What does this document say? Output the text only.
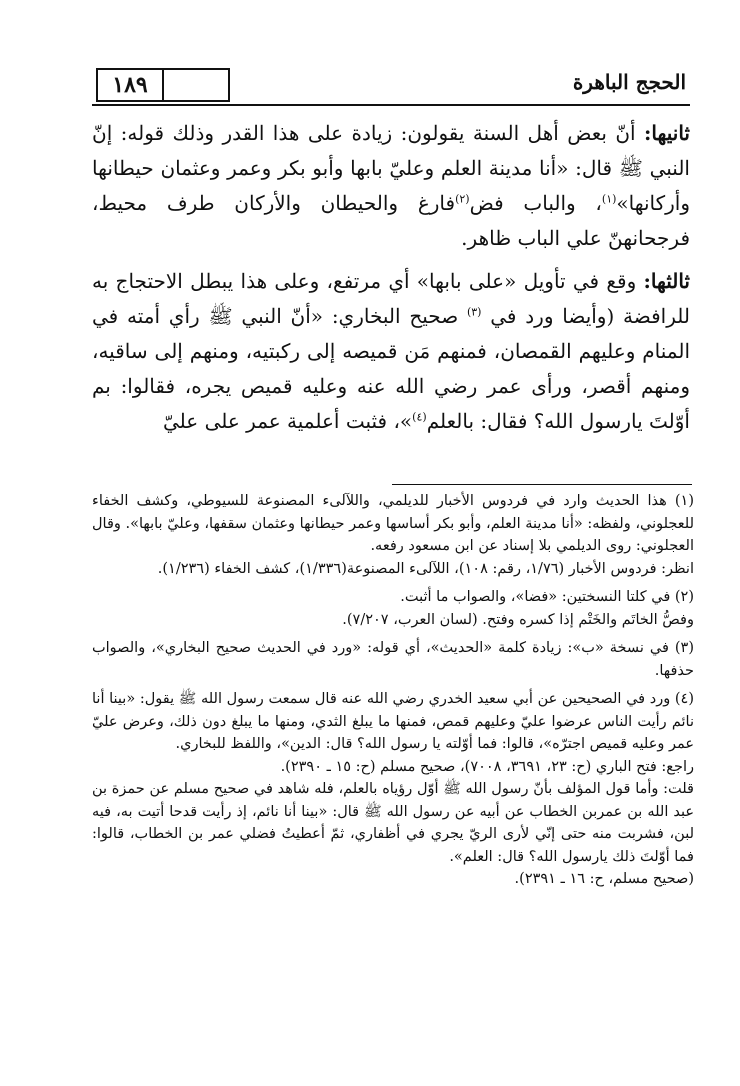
١٨٩	الحجج الباهرة

ثانيها: أنّ بعض أهل السنة يقولون: زيادة على هذا القدر وذلك قوله: إنّ النبي ﷺ قال: «أنا مدينة العلم وعليّ بابها وأبو بكر وعمر وعثمان حيطانها وأركانها»$^{(١)}$، والباب فض$^{(٢)}$فارغ والحيطان والأركان طرف محيط، فرجحانهنّ علي الباب ظاهر.

ثالثها: وقع في تأويل «على بابها» أي مرتفع، وعلى هذا يبطل الاحتجاج به للرافضة (وأيضا ورد في $^{(٣)}$ صحيح البخاري: «أنّ النبي ﷺ رأي أمته في المنام وعليهم القمصان، فمنهم مَن قميصه إلى ركبتيه، ومنهم إلى ساقيه، ومنهم أقصر، ورأى عمر رضي الله عنه وعليه قميص يجره، فقالوا: بم أوّلتَ يارسول الله؟ فقال: بالعلم$^{(٤)}$»، فثبت أعلمية عمر على عليّ

(١) هذا الحديث وارد في فردوس الأخبار للديلمي، واللآلىء المصنوعة للسيوطي، وكشف الخفاء للعجلوني، ولفظه: «أنا مدينة العلم، وأبو بكر أساسها وعمر حيطانها وعثمان سقفها، وعليّ بابها». وقال العجلوني: روى الديلمي بلا إسناد عن ابن مسعود رفعه.
انظر: فردوس الأخبار (١/٧٦، رقم: ١٠٨)، اللآلىء المصنوعة(١/٣٣٦)، كشف الخفاء (١/٢٣٦).
(٢) في كلتا النسختين: «فضا»، والصواب ما أثبت.
وفصُّ الخاتَم والخَتْم إذا كسره وفتح. (لسان العرب، ٧/٢٠٧).
(٣) في نسخة «ب»: زيادة كلمة «الحديث»، أي قوله: «ورد في الحديث صحيح البخاري»، والصواب حذفها.
(٤) ورد في الصحيحين عن أبي سعيد الخدري رضي الله عنه قال سمعت رسول الله ﷺ يقول: «بينا أنا نائم رأيت الناس عرضوا عليّ وعليهم قمص، فمنها ما يبلغ الثدي، ومنها ما يبلغ دون ذلك، وعرض عليّ عمر وعليه قميص اجترّه»، قالوا: فما أوّلته يا رسول الله؟ قال: الدين»، واللفظ للبخاري.
راجع: فتح الباري (ح: ٢٣، ٣٦٩١، ٧٠٠٨)، صحيح مسلم (ح: ١٥ ـ ٢٣٩٠).
قلت: وأما قول المؤلف بأنّ رسول الله ﷺ أوّل رؤياه بالعلم، فله شاهد في صحيح مسلم عن حمزة بن عبد الله بن عمربن الخطاب عن أبيه عن رسول الله ﷺ قال: «بينا أنا نائم، إذ رأيت قدحا أتيت به، فيه لبن، فشربت منه حتى إنّي لأرى الريّ يجري في أظفاري، ثمّ أعطيتُ فضلي عمر بن الخطاب، قالوا: فما أوّلتَ ذلك يارسول الله؟ قال: العلم».
(صحيح مسلم، ح: ١٦ ـ ٢٣٩١).
